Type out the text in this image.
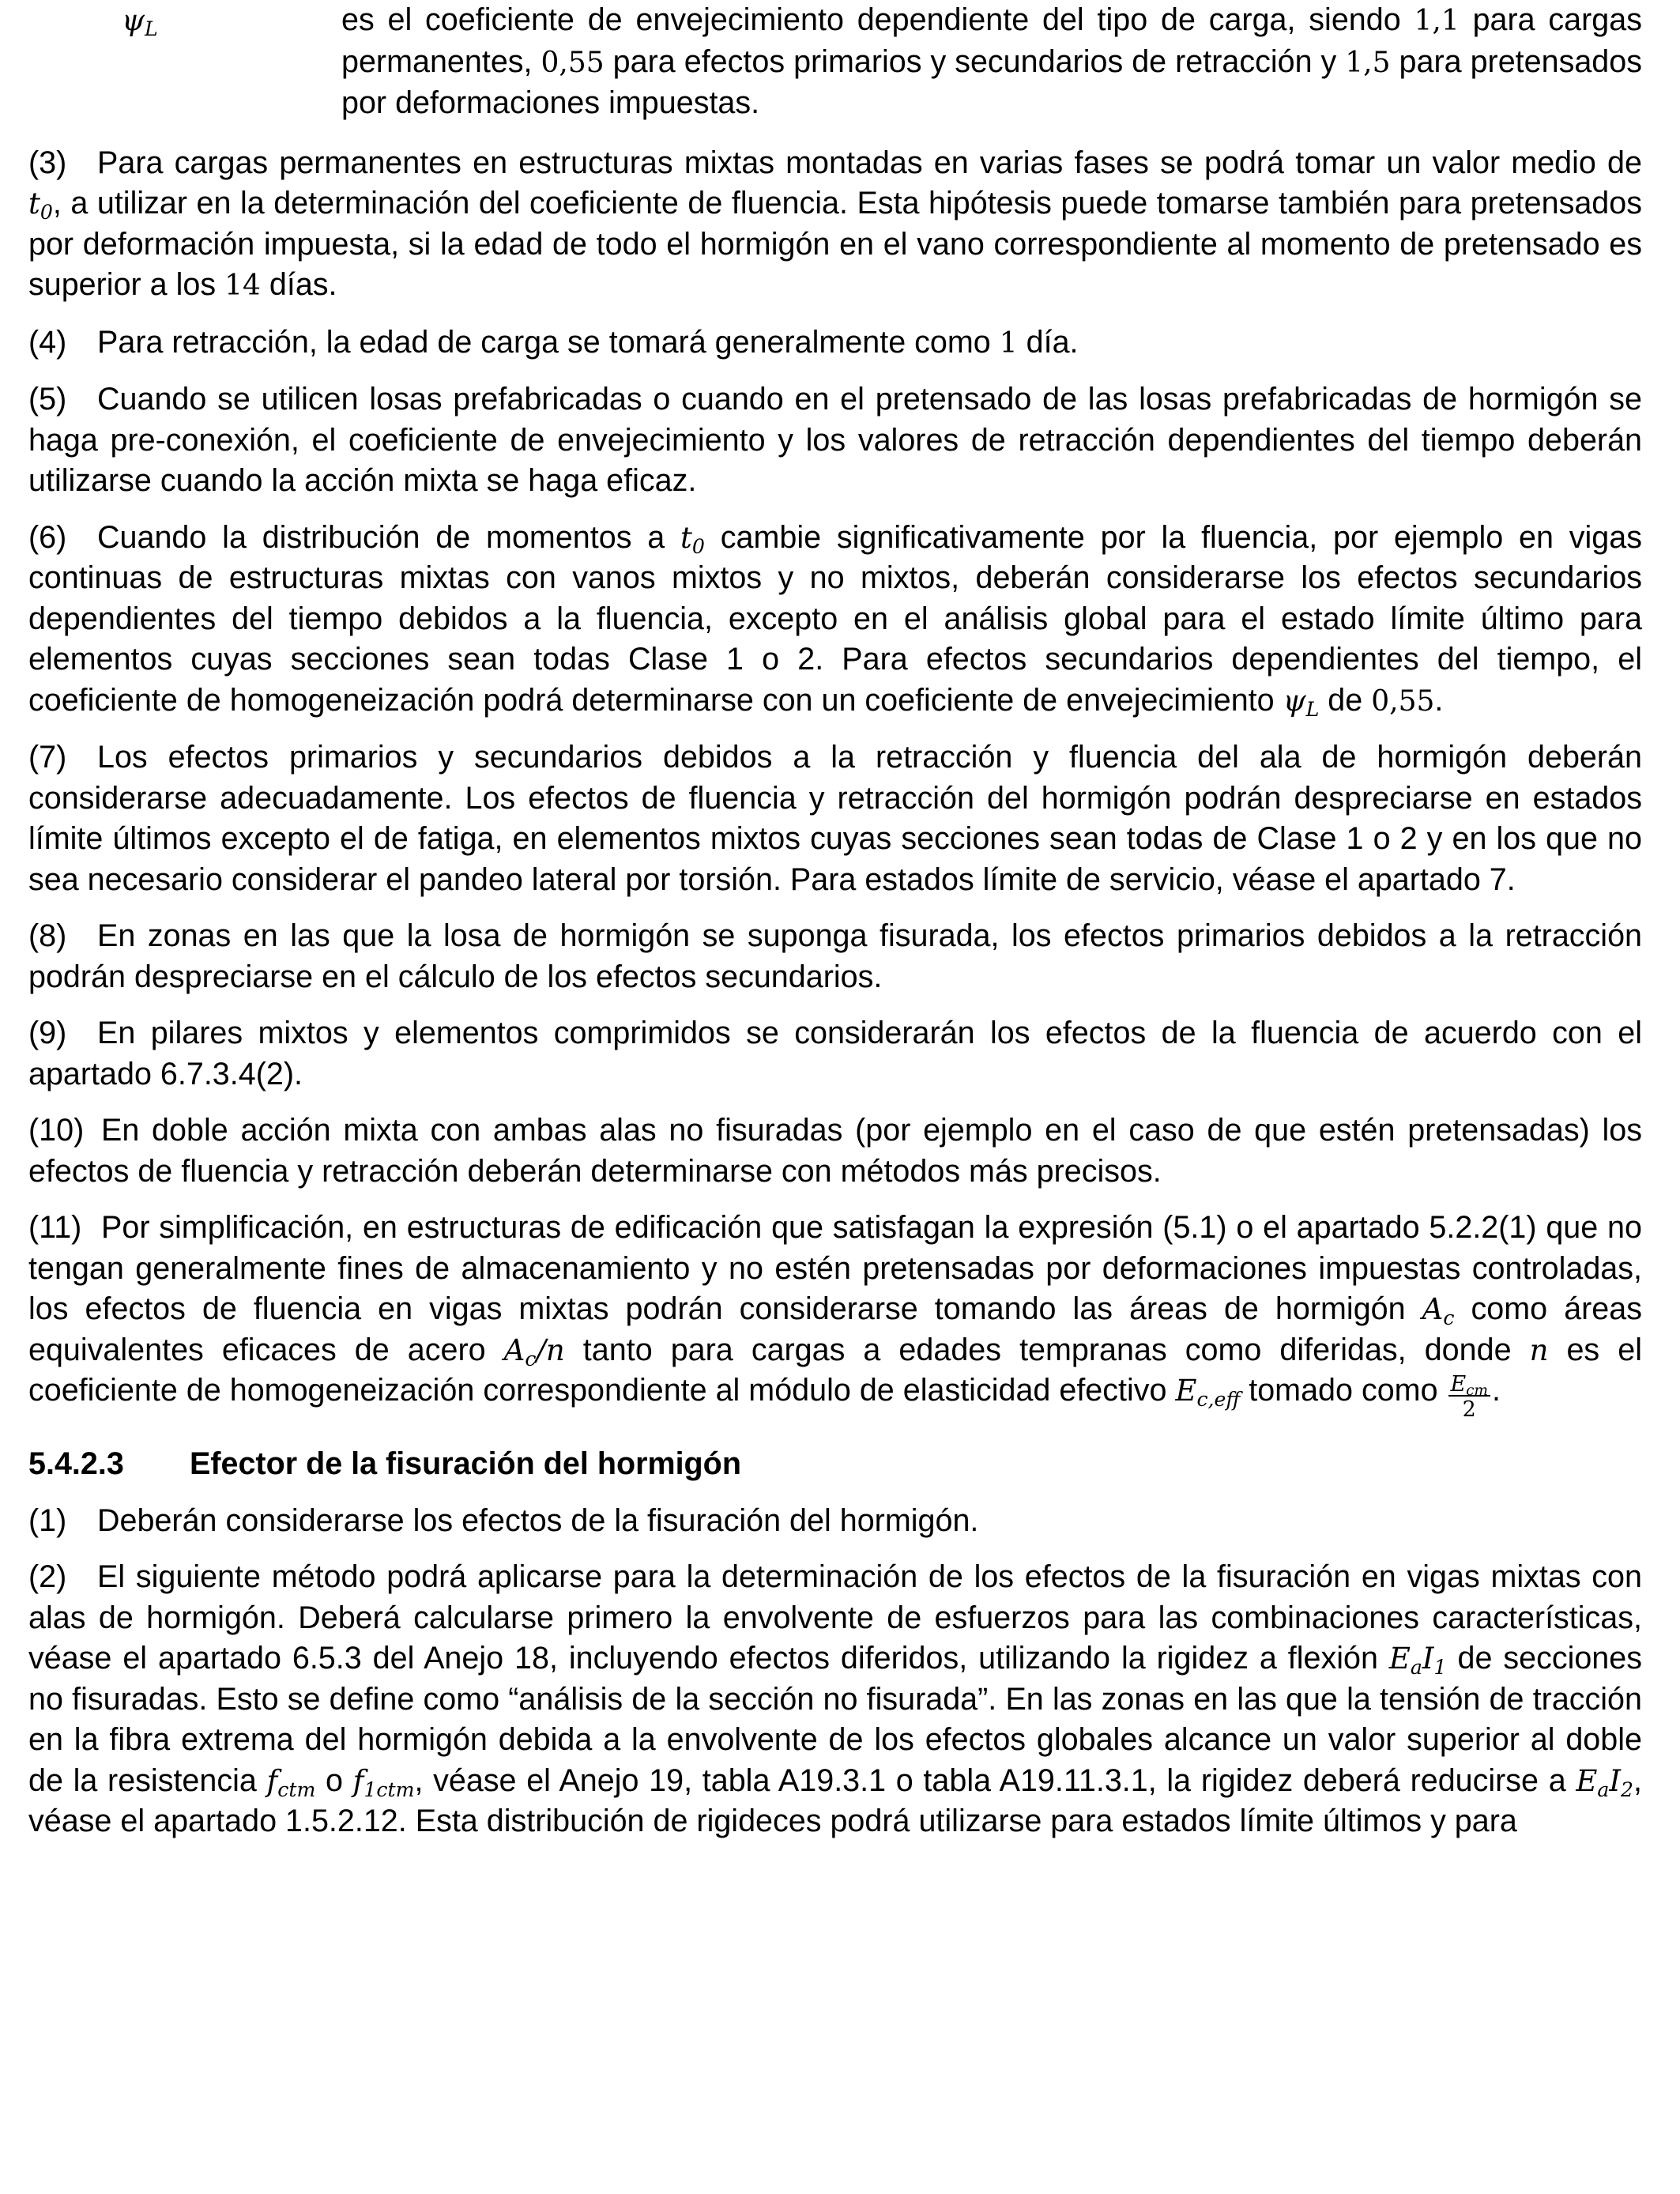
$\psi_L$	es el coeficiente de envejecimiento dependiente del tipo de carga, siendo 1,1 para cargas permanentes, 0,55 para efectos primarios y secundarios de retracción y 1,5 para pretensados por deformaciones impuestas.
(3) Para cargas permanentes en estructuras mixtas montadas en varias fases se podrá tomar un valor medio de $t_0$, a utilizar en la determinación del coeficiente de fluencia. Esta hipótesis puede tomarse también para pretensados por deformación impuesta, si la edad de todo el hormigón en el vano correspondiente al momento de pretensado es superior a los 14 días.
(4) Para retracción, la edad de carga se tomará generalmente como 1 día.
(5) Cuando se utilicen losas prefabricadas o cuando en el pretensado de las losas prefabricadas de hormigón se haga pre-conexión, el coeficiente de envejecimiento y los valores de retracción dependientes del tiempo deberán utilizarse cuando la acción mixta se haga eficaz.
(6) Cuando la distribución de momentos a $t_0$ cambie significativamente por la fluencia, por ejemplo en vigas continuas de estructuras mixtas con vanos mixtos y no mixtos, deberán considerarse los efectos secundarios dependientes del tiempo debidos a la fluencia, excepto en el análisis global para el estado límite último para elementos cuyas secciones sean todas Clase 1 o 2. Para efectos secundarios dependientes del tiempo, el coeficiente de homogeneización podrá determinarse con un coeficiente de envejecimiento $\psi_L$ de 0,55.
(7) Los efectos primarios y secundarios debidos a la retracción y fluencia del ala de hormigón deberán considerarse adecuadamente. Los efectos de fluencia y retracción del hormigón podrán despreciarse en estados límite últimos excepto el de fatiga, en elementos mixtos cuyas secciones sean todas de Clase 1 o 2 y en los que no sea necesario considerar el pandeo lateral por torsión. Para estados límite de servicio, véase el apartado 7.
(8) En zonas en las que la losa de hormigón se suponga fisurada, los efectos primarios debidos a la retracción podrán despreciarse en el cálculo de los efectos secundarios.
(9) En pilares mixtos y elementos comprimidos se considerarán los efectos de la fluencia de acuerdo con el apartado 6.7.3.4(2).
(10) En doble acción mixta con ambas alas no fisuradas (por ejemplo en el caso de que estén pretensadas) los efectos de fluencia y retracción deberán determinarse con métodos más precisos.
(11) Por simplificación, en estructuras de edificación que satisfagan la expresión (5.1) o el apartado 5.2.2(1) que no tengan generalmente fines de almacenamiento y no estén pretensadas por deformaciones impuestas controladas, los efectos de fluencia en vigas mixtas podrán considerarse tomando las áreas de hormigón $A_c$ como áreas equivalentes eficaces de acero $A_c/n$ tanto para cargas a edades tempranas como diferidas, donde n es el coeficiente de homogeneización correspondiente al módulo de elasticidad efectivo $E_{c,eff}$ tomado como $\frac{E_{cm}}{2}$ .
5.4.2.3 Efector de la fisuración del hormigón
(1) Deberán considerarse los efectos de la fisuración del hormigón.
(2) El siguiente método podrá aplicarse para la determinación de los efectos de la fisuración en vigas mixtas con alas de hormigón. Deberá calcularse primero la envolvente de esfuerzos para las combinaciones características, véase el apartado 6.5.3 del Anejo 18, incluyendo efectos diferidos, utilizando la rigidez a flexión $E_aI_1$ de secciones no fisuradas. Esto se define como “análisis de la sección no fisurada”. En las zonas en las que la tensión de tracción en la fibra extrema del hormigón debida a la envolvente de los efectos globales alcance un valor superior al doble de la resistencia $f_{ctm}$ o $f_{1ctm}$, véase el Anejo 19, tabla A19.3.1 o tabla A19.11.3.1, la rigidez deberá reducirse a $E_aI_2$, véase el apartado 1.5.2.12. Esta distribución de rigideces podrá utilizarse para estados límite últimos y para
